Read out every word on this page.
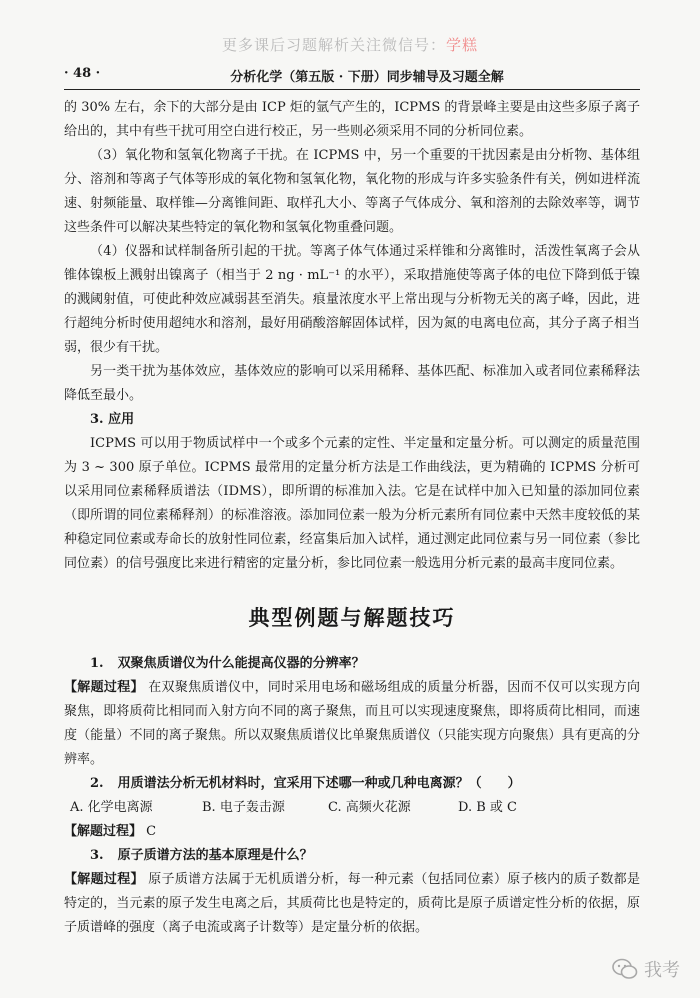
更多课后习题解析关注微信号：学糕
· 48 ·	分析化学（第五版 · 下册）同步辅导及习题全解

的 30% 左右，余下的大部分是由 ICP 炬的氩气产生的，ICPMS 的背景峰主要是由这些多原子离子给出的，其中有些干扰可用空白进行校正，另一些则必须采用不同的分析同位素。

（3）氧化物和氢氧化物离子干扰。在 ICPMS 中，另一个重要的干扰因素是由分析物、基体组分、溶剂和等离子气体等形成的氧化物和氢氧化物，氧化物的形成与许多实验条件有关，例如进样流速、射频能量、取样锥—分离锥间距、取样孔大小、等离子气体成分、氧和溶剂的去除效率等，调节这些条件可以解决某些特定的氧化物和氢氧化物重叠问题。

（4）仪器和试样制备所引起的干扰。等离子体气体通过采样锥和分离锥时，活泼性氧离子会从锥体镍板上溅射出镍离子（相当于 2 ng · mL⁻¹ 的水平），采取措施使等离子体的电位下降到低于镍的溅阈射值，可使此种效应减弱甚至消失。痕量浓度水平上常出现与分析物无关的离子峰，因此，进行超纯分析时使用超纯水和溶剂，最好用硝酸溶解固体试样，因为氮的电离电位高，其分子离子相当弱，很少有干扰。

另一类干扰为基体效应，基体效应的影响可以采用稀释、基体匹配、标准加入或者同位素稀释法降低至最小。

3. 应用

ICPMS 可以用于物质试样中一个或多个元素的定性、半定量和定量分析。可以测定的质量范围为 3 ~ 300 原子单位。ICPMS 最常用的定量分析方法是工作曲线法，更为精确的 ICPMS 分析可以采用同位素稀释质谱法（IDMS），即所谓的标准加入法。它是在试样中加入已知量的添加同位素（即所谓的同位素稀释剂）的标准溶液。添加同位素一般为分析元素所有同位素中天然丰度较低的某种稳定同位素或寿命长的放射性同位素，经富集后加入试样，通过测定此同位素与另一同位素（参比同位素）的信号强度比来进行精密的定量分析，参比同位素一般选用分析元素的最高丰度同位素。

典型例题与解题技巧

1. 双聚焦质谱仪为什么能提高仪器的分辨率？

【解题过程】 在双聚焦质谱仪中，同时采用电场和磁场组成的质量分析器，因而不仅可以实现方向聚焦，即将质荷比相同而入射方向不同的离子聚焦，而且可以实现速度聚焦，即将质荷比相同，而速度（能量）不同的离子聚焦。所以双聚焦质谱仪比单聚焦质谱仪（只能实现方向聚焦）具有更高的分辨率。

2. 用质谱法分析无机材料时，宜采用下述哪一种或几种电离源？（　　）

A. 化学电离源	B. 电子轰击源	C. 高频火花源	D. B 或 C

【解题过程】 C

3. 原子质谱方法的基本原理是什么？

【解题过程】 原子质谱方法属于无机质谱分析，每一种元素（包括同位素）原子核内的质子数都是特定的，当元素的原子发生电离之后，其质荷比也是特定的，质荷比是原子质谱定性分析的依据，原子质谱峰的强度（离子电流或离子计数等）是定量分析的依据。

我考
